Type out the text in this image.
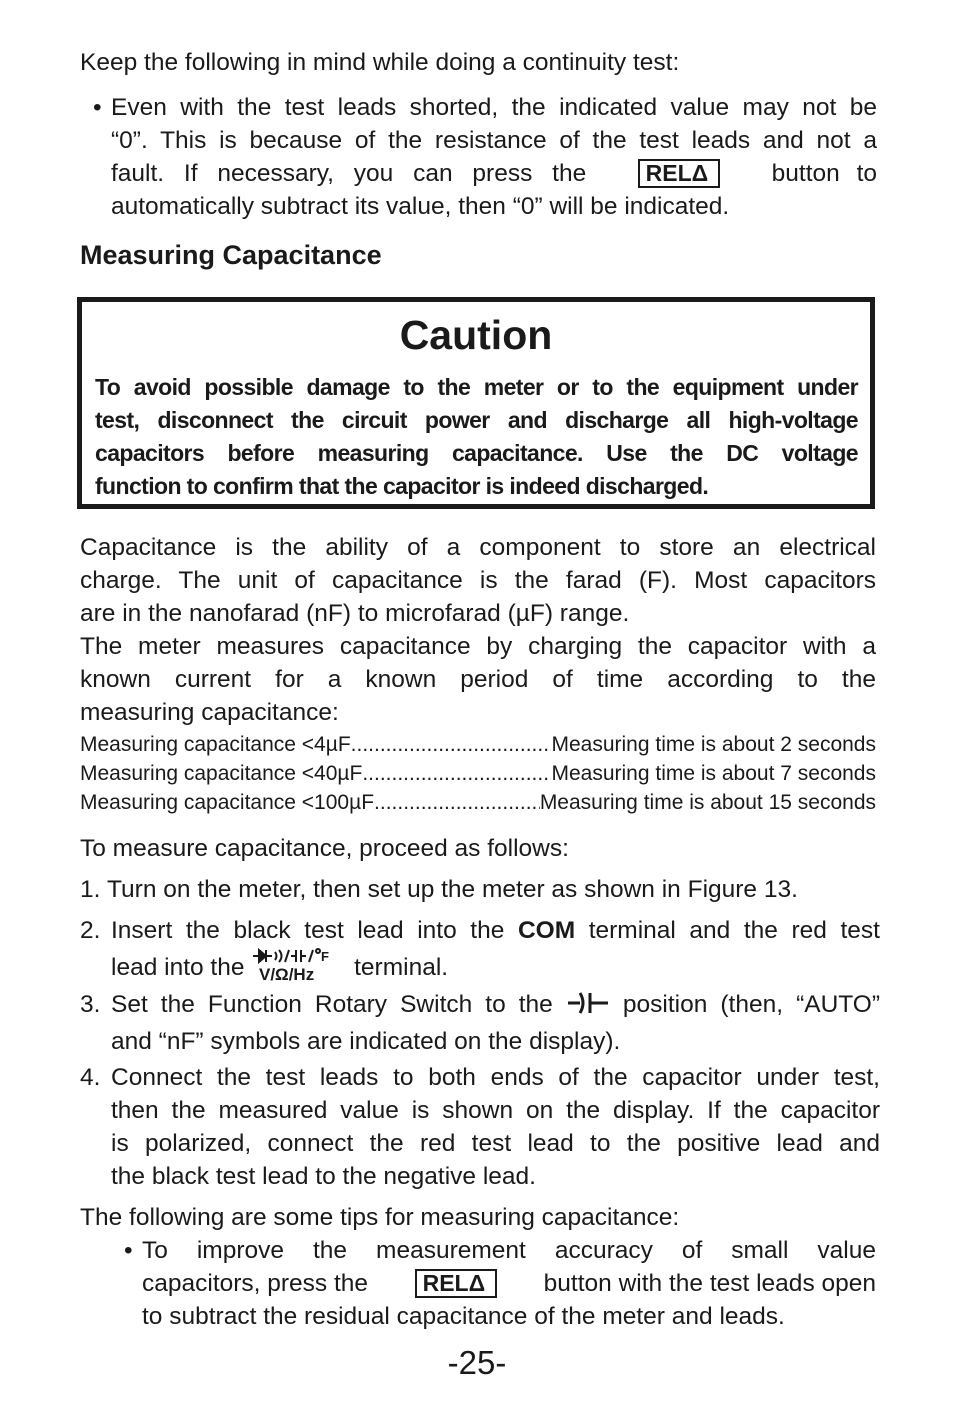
Keep the following in mind while doing a continuity test:
• Even with the test leads shorted, the indicated value may not be
“0”. This is because of the resistance of the test leads and not a
fault. If necessary, you can press the	RELΔ	button to
automatically subtract its value, then “0” will be indicated.
Measuring Capacitance
Caution
To avoid possible damage to the meter or to the equipment under
test, disconnect the circuit power and discharge all high-voltage
capacitors before measuring capacitance. Use the DC voltage
function to confirm that the capacitor is indeed discharged.
Capacitance is the ability of a component to store an electrical
charge. The unit of capacitance is the farad (F). Most capacitors
are in the nanofarad (nF) to microfarad (µF) range.
The meter measures capacitance by charging the capacitor with a
known current for a known period of time according to the
measuring capacitance:
Measuring capacitance <4µF .....	Measuring time is about 2 seconds
Measuring capacitance <40µF .....	Measuring time is about 7 seconds
Measuring capacitance <100µF .....	Measuring time is about 15 seconds
To measure capacitance, proceed as follows:
1. Turn on the meter, then set up the meter as shown in Figure 13.
2. Insert the black test lead into the COM terminal and the red test
lead into the	F
V/Ω/Hz terminal.
3. Set the Function Rotary Switch to the	position (then, “AUTO”
and “nF” symbols are indicated on the display).
4. Connect the test leads to both ends of the capacitor under test,
then the measured value is shown on the display. If the capacitor
is polarized, connect the red test lead to the positive lead and
the black test lead to the negative lead.
The following are some tips for measuring capacitance:
• To improve the measurement accuracy of small value
capacitors, press the	RELΔ	button with the test leads open
to subtract the residual capacitance of the meter and leads.
-25-
